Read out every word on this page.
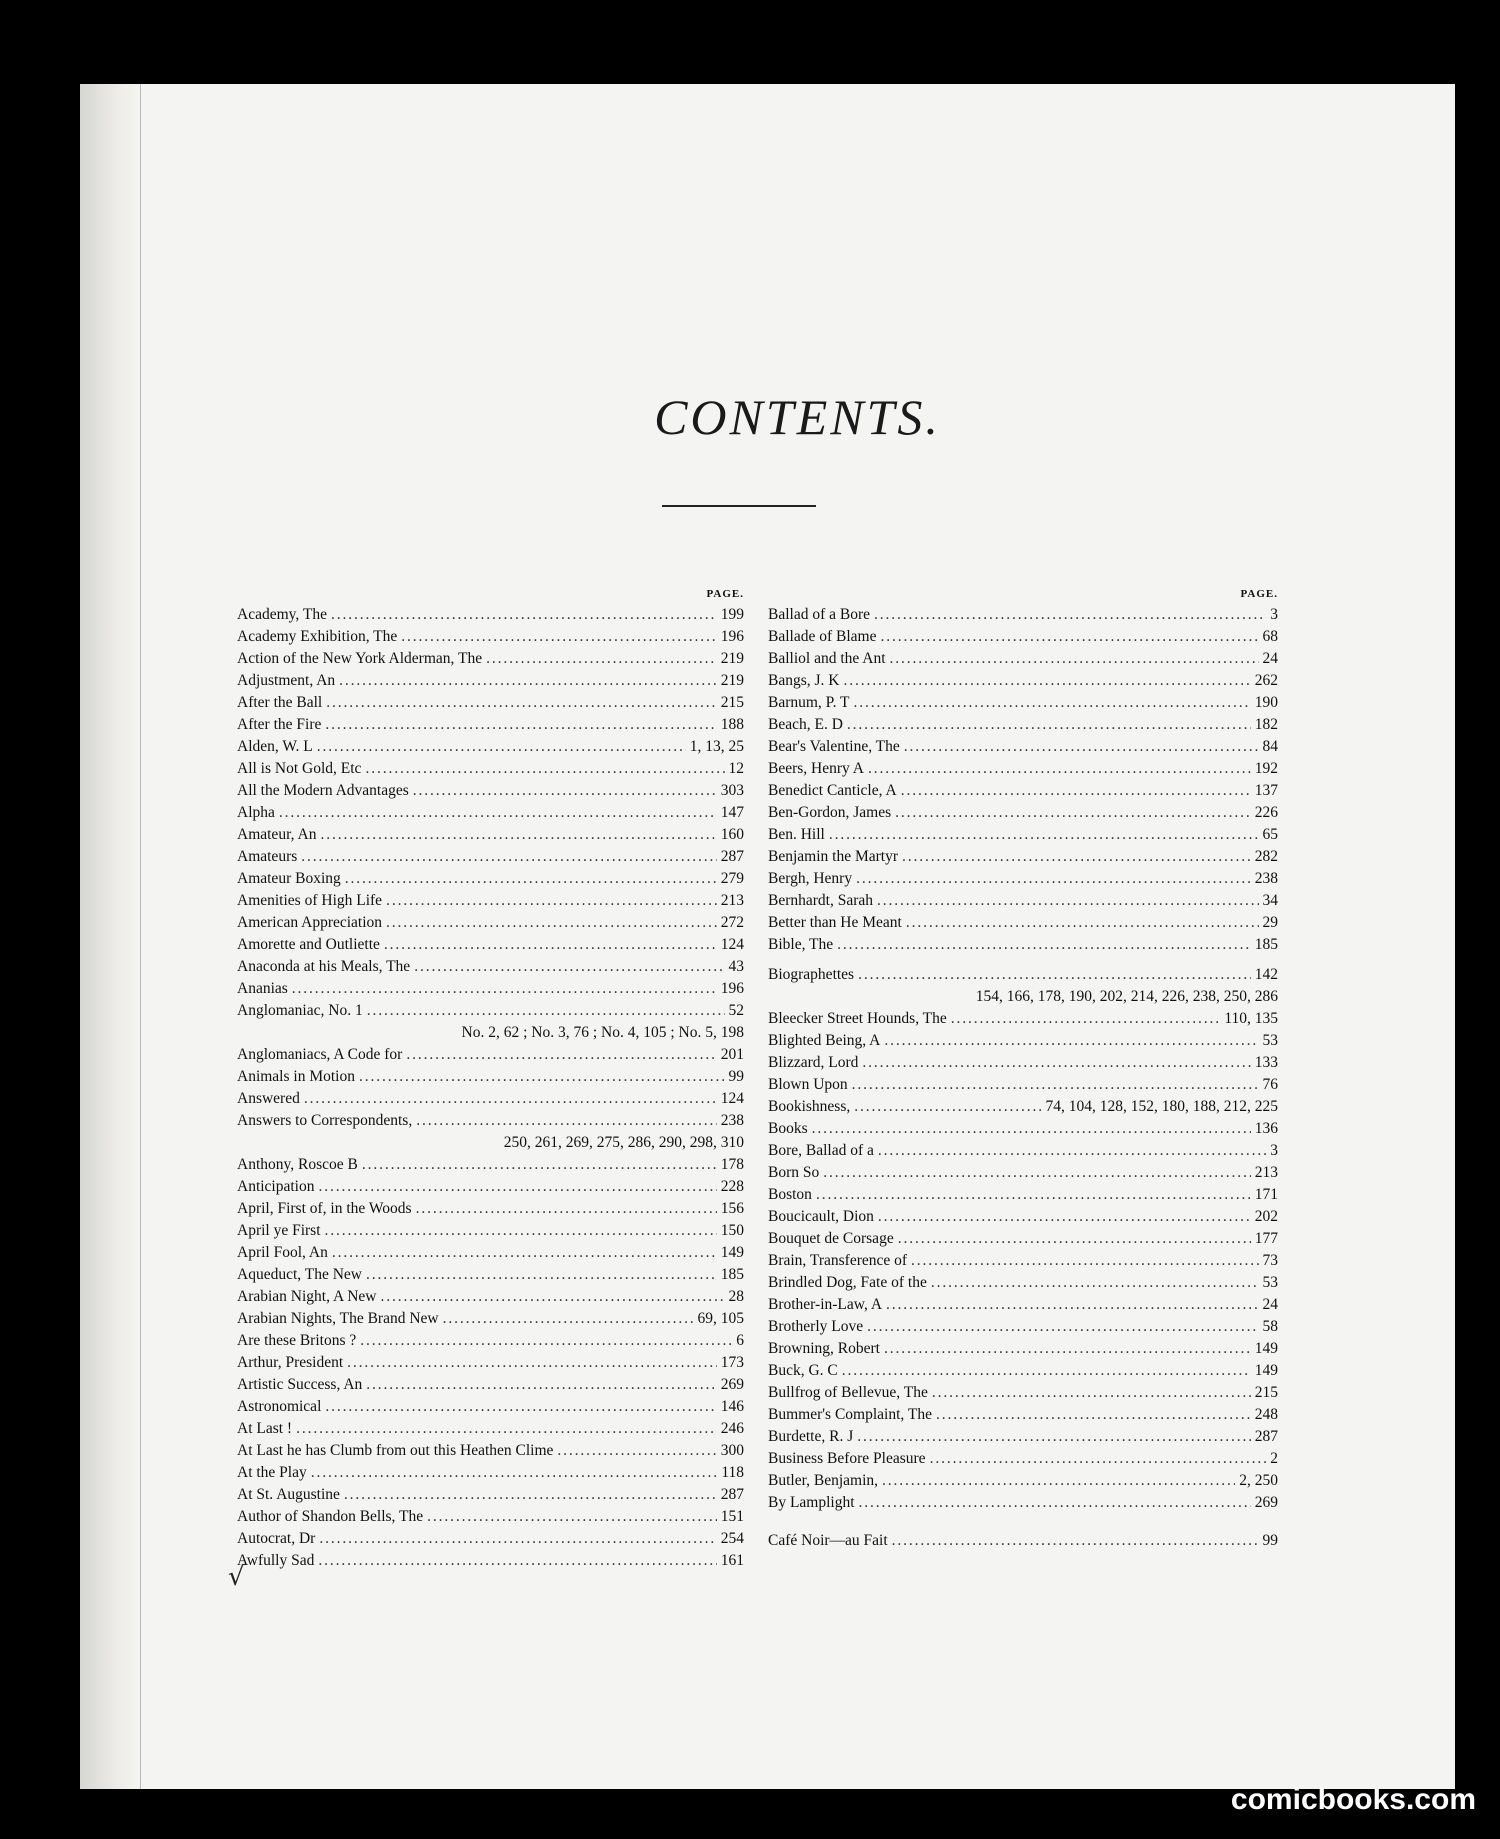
CONTENTS.
PAGE.
Academy, The . . .	199
Academy Exhibition, The . . .	196
Action of the New York Alderman, The . . .	219
Adjustment, An . . .	219
After the Ball . . .	215
After the Fire . . .	188
Alden, W. L . . .	1, 13, 25
All is Not Gold, Etc . . .	12
All the Modern Advantages . . .	303
Alpha . . .	147
Amateur, An . . .	160
Amateurs . . .	287
Amateur Boxing . . .	279
Amenities of High Life . . .	213
American Appreciation . . .	272
Amorette and Outliette . . .	124
Anaconda at his Meals, The . . .	43
Ananias . . .	196
Anglomaniac, No. 1 . . .	52
No. 2, 62 ; No. 3, 76 ; No. 4, 105 ; No. 5, 198
Anglomaniacs, A Code for . . .	201
Animals in Motion . . .	99
Answered . . .	124
Answers to Correspondents, . . .	238
250, 261, 269, 275, 286, 290, 298, 310
Anthony, Roscoe B . . .	178
Anticipation . . .	228
April, First of, in the Woods . . .	156
April ye First . . .	150
April Fool, An . . .	149
Aqueduct, The New . . .	185
Arabian Night, A New . . .	28
Arabian Nights, The Brand New . . .	69, 105
Are these Britons ? . . .	6
Arthur, President . . .	173
Artistic Success, An . . .	269
Astronomical . . .	146
At Last ! . . .	246
At Last he has Clumb from out this Heathen Clime . . .	300
At the Play . . .	118
At St. Augustine . . .	287
Author of Shandon Bells, The . . .	151
Autocrat, Dr . . .	254
Awfully Sad . . .	161
PAGE.
Ballad of a Bore . . .	3
Ballade of Blame . . .	68
Balliol and the Ant . . .	24
Bangs, J. K . . .	262
Barnum, P. T . . .	190
Beach, E. D . . .	182
Bear's Valentine, The . . .	84
Beers, Henry A . . .	192
Benedict Canticle, A . . .	137
Ben-Gordon, James . . .	226
Ben. Hill . . .	65
Benjamin the Martyr . . .	282
Bergh, Henry . . .	238
Bernhardt, Sarah . . .	34
Better than He Meant . . .	29
Bible, The . . .	185
Biographettes . . .	142
154, 166, 178, 190, 202, 214, 226, 238, 250, 286
Bleecker Street Hounds, The . . .	110, 135
Blighted Being, A . . .	53
Blizzard, Lord . . .	133
Blown Upon . . .	76
Bookishness, . . .	74, 104, 128, 152, 180, 188, 212, 225
Books . . .	136
Bore, Ballad of a . . .	3
Born So . . .	213
Boston . . .	171
Boucicault, Dion . . .	202
Bouquet de Corsage . . .	177
Brain, Transference of . . .	73
Brindled Dog, Fate of the . . .	53
Brother-in-Law, A . . .	24
Brotherly Love . . .	58
Browning, Robert . . .	149
Buck, G. C . . .	149
Bullfrog of Bellevue, The . . .	215
Bummer's Complaint, The . . .	248
Burdette, R. J . . .	287
Business Before Pleasure . . .	2
Butler, Benjamin, . . .	2, 250
By Lamplight . . .	269
Café Noir—au Fait . . .	99
√
comicbooks.com
